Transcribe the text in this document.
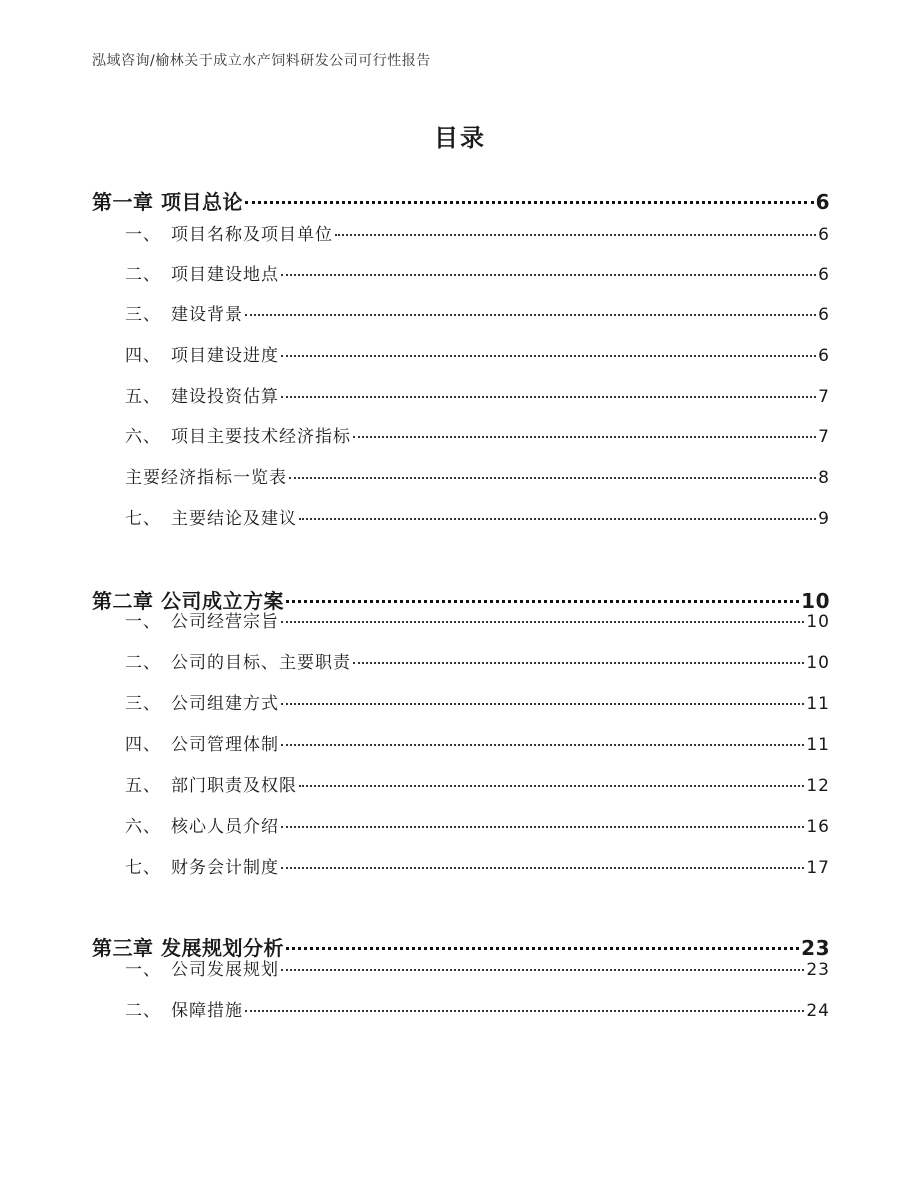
泓域咨询/榆林关于成立水产饲料研发公司可行性报告
目录
第一章 项目总论	6
一、 项目名称及项目单位	6
二、 项目建设地点	6
三、 建设背景	6
四、 项目建设进度	6
五、 建设投资估算	7
六、 项目主要技术经济指标	7
主要经济指标一览表	8
七、 主要结论及建议	9
第二章 公司成立方案	10
一、 公司经营宗旨	10
二、 公司的目标、主要职责	10
三、 公司组建方式	11
四、 公司管理体制	11
五、 部门职责及权限	12
六、 核心人员介绍	16
七、 财务会计制度	17
第三章 发展规划分析	23
一、 公司发展规划	23
二、 保障措施	24
